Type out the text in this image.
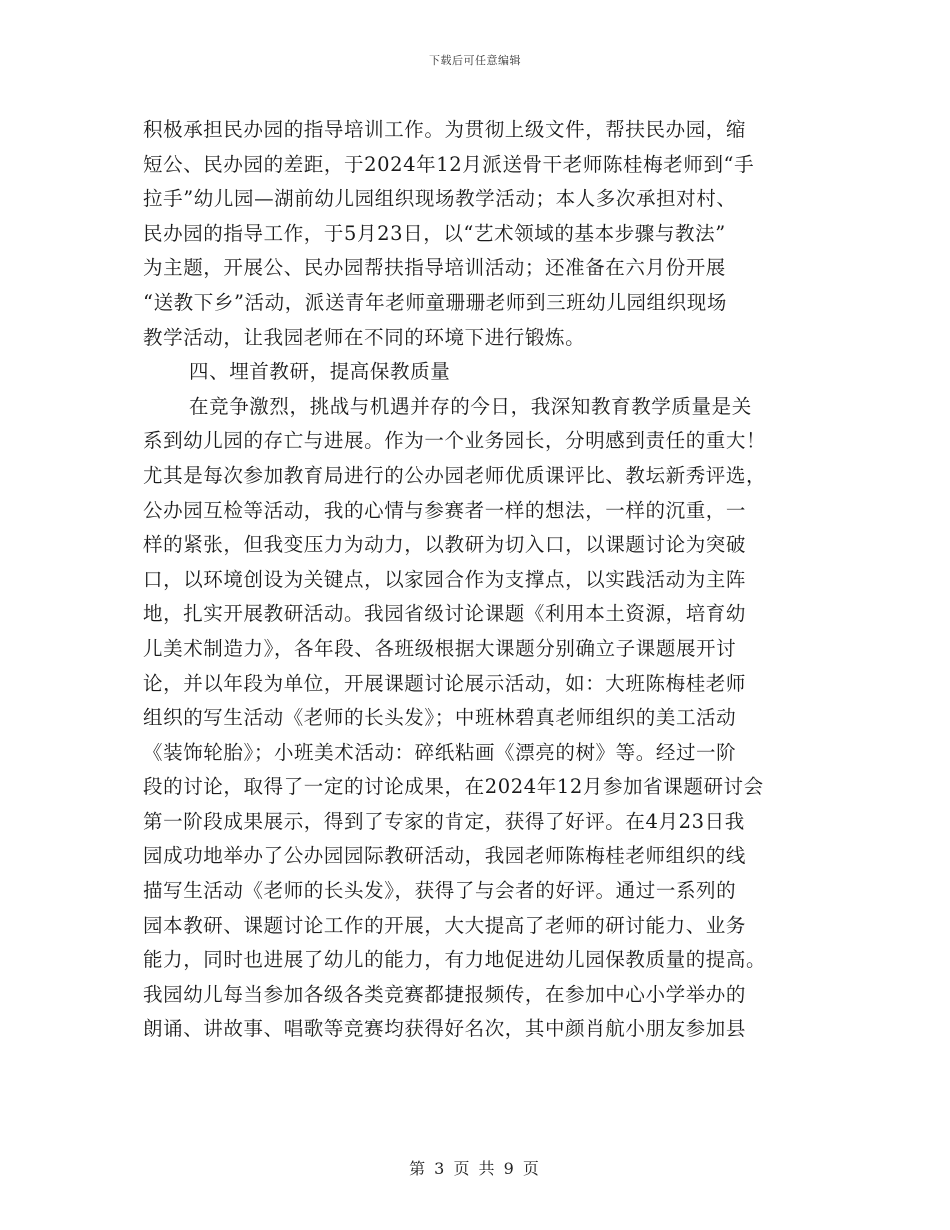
下载后可任意编辑
积极承担民办园的指导培训工作。为贯彻上级文件，帮扶民办园，缩
短公、民办园的差距，于2024年12月派送骨干老师陈桂梅老师到“手
拉手”幼儿园—湖前幼儿园组织现场教学活动；本人多次承担对村、
民办园的指导工作，于5月23日，以“艺术领域的基本步骤与教法”
为主题，开展公、民办园帮扶指导培训活动；还准备在六月份开展
“送教下乡”活动，派送青年老师童珊珊老师到三班幼儿园组织现场
教学活动，让我园老师在不同的环境下进行锻炼。
四、埋首教研，提高保教质量
在竞争激烈，挑战与机遇并存的今日，我深知教育教学质量是关
系到幼儿园的存亡与进展。作为一个业务园长，分明感到责任的重大！
尤其是每次参加教育局进行的公办园老师优质课评比、教坛新秀评选，
公办园互检等活动，我的心情与参赛者一样的想法，一样的沉重，一
样的紧张，但我变压力为动力，以教研为切入口，以课题讨论为突破
口，以环境创设为关键点，以家园合作为支撑点，以实践活动为主阵
地，扎实开展教研活动。我园省级讨论课题《利用本土资源，培育幼
儿美术制造力》，各年段、各班级根据大课题分别确立子课题展开讨
论，并以年段为单位，开展课题讨论展示活动，如：大班陈梅桂老师
组织的写生活动《老师的长头发》；中班林碧真老师组织的美工活动
《装饰轮胎》；小班美术活动：碎纸粘画《漂亮的树》等。经过一阶
段的讨论，取得了一定的讨论成果，在2024年12月参加省课题研讨会
第一阶段成果展示，得到了专家的肯定，获得了好评。在4月23日我
园成功地举办了公办园园际教研活动，我园老师陈梅桂老师组织的线
描写生活动《老师的长头发》，获得了与会者的好评。通过一系列的
园本教研、课题讨论工作的开展，大大提高了老师的研讨能力、业务
能力，同时也进展了幼儿的能力，有力地促进幼儿园保教质量的提高。
我园幼儿每当参加各级各类竞赛都捷报频传，在参加中心小学举办的
朗诵、讲故事、唱歌等竞赛均获得好名次，其中颜肖航小朋友参加县
第 3 页 共 9 页
